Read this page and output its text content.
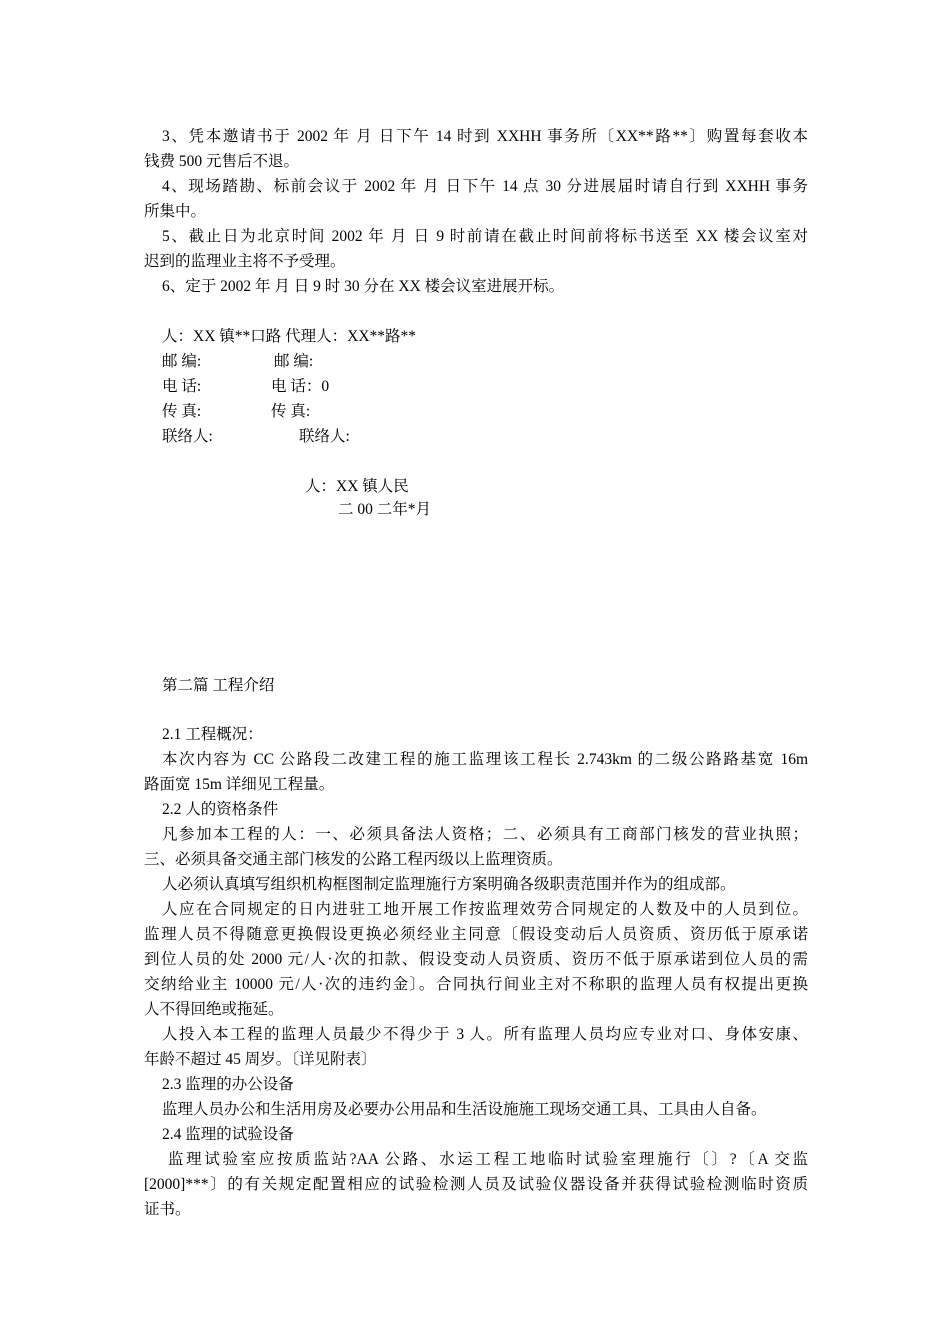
3、凭本邀请书于 2002 年 月 日下午 14 时到 XXHH 事务所〔XX**路**〕购置每套收本
钱费 500 元售后不退。
4、现场踏勘、标前会议于 2002 年 月 日下午 14 点 30 分进展届时请自行到 XXHH 事务
所集中。
5、截止日为北京时间 2002 年 月 日 9 时前请在截止时间前将标书送至 XX 楼会议室对
迟到的监理业主将不予受理。
6、定于 2002 年 月 日 9 时 30 分在 XX 楼会议室进展开标。
人：XX 镇**口路 代理人：XX**路**
邮 编:	邮 编:
电 话:	电 话：0
传 真:	传 真:
联络人:	联络人:
人：XX 镇人民
二 00 二年*月
第二篇 工程介绍
2.1 工程概况：
本次内容为 CC 公路段二改建工程的施工监理该工程长 2.743km 的二级公路路基宽 16m
路面宽 15m 详细见工程量。
2.2 人的资格条件
凡参加本工程的人：一、必须具备法人资格；二、必须具有工商部门核发的营业执照；
三、必须具备交通主部门核发的公路工程丙级以上监理资质。
人必须认真填写组织机构框图制定监理施行方案明确各级职责范围并作为的组成部。
人应在合同规定的日内进驻工地开展工作按监理效劳合同规定的人数及中的人员到位。
监理人员不得随意更换假设更换必须经业主同意〔假设变动后人员资质、资历低于原承诺
到位人员的处 2000 元/人·次的扣款、假设变动人员资质、资历不低于原承诺到位人员的需
交纳给业主 10000 元/人·次的违约金〕。合同执行间业主对不称职的监理人员有权提出更换
人不得回绝或拖延。
人投入本工程的监理人员最少不得少于 3 人。所有监理人员均应专业对口、身体安康、
年龄不超过 45 周岁。〔详见附表〕
2.3 监理的办公设备
监理人员办公和生活用房及必要办公用品和生活设施施工现场交通工具、工具由人自备。
2.4 监理的试验设备
监理试验室应按质监站?AA 公路、水运工程工地临时试验室理施行〔〕?〔A 交监
[2000]***〕的有关规定配置相应的试验检测人员及试验仪器设备并获得试验检测临时资质
证书。
